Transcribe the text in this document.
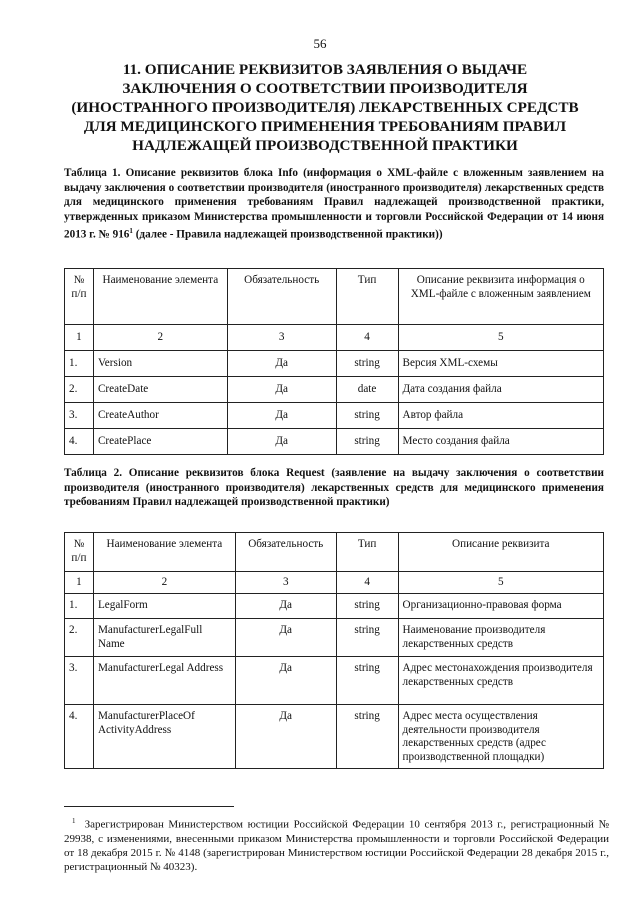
56
11. ОПИСАНИЕ РЕКВИЗИТОВ ЗАЯВЛЕНИЯ О ВЫДАЧЕ ЗАКЛЮЧЕНИЯ О СООТВЕТСТВИИ ПРОИЗВОДИТЕЛЯ (ИНОСТРАННОГО ПРОИЗВОДИТЕЛЯ) ЛЕКАРСТВЕННЫХ СРЕДСТВ ДЛЯ МЕДИЦИНСКОГО ПРИМЕНЕНИЯ ТРЕБОВАНИЯМ ПРАВИЛ НАДЛЕЖАЩЕЙ ПРОИЗВОДСТВЕННОЙ ПРАКТИКИ
Таблица 1. Описание реквизитов блока Info (информация о XML-файле с вложенным заявлением на выдачу заключения о соответствии производителя (иностранного производителя) лекарственных средств для медицинского применения требованиям Правил надлежащей производственной практики, утвержденных приказом Министерства промышленности и торговли Российской Федерации от 14 июня 2013 г. № $916^1$ (далее - Правила надлежащей производственной практики))
№ п/п	Наименование элемента	Обязательность	Тип	Описание реквизита информация о XML-файле с вложенным заявлением
1	2	3	4	5
1.	Version	Да	string	Версия XML-схемы
2.	CreateDate	Да	date	Дата создания файла
3.	CreateAuthor	Да	string	Автор файла
4.	CreatePlace	Да	string	Место создания файла
Таблица 2. Описание реквизитов блока Request (заявление на выдачу заключения о соответствии производителя (иностранного производителя) лекарственных средств для медицинского применения требованиям Правил надлежащей производственной практики)
№ п/п	Наименование элемента	Обязательность	Тип	Описание реквизита
1	2	3	4	5
1.	LegalForm	Да	string	Организационно-правовая форма
2.	ManufacturerLegalFull Name	Да	string	Наименование производителя лекарственных средств
3.	ManufacturerLegal Address	Да	string	Адрес местонахождения производителя лекарственных средств
4.	ManufacturerPlaceOf ActivityAddress	Да	string	Адрес места осуществления деятельности производителя лекарственных средств (адрес производственной площадки)
$^1$ Зарегистрирован Министерством юстиции Российской Федерации 10 сентября 2013 г., регистрационный № 29938, с изменениями, внесенными приказом Министерства промышленности и торговли Российской Федерации от 18 декабря 2015 г. № 4148 (зарегистрирован Министерством юстиции Российской Федерации 28 декабря 2015 г., регистрационный № 40323).
